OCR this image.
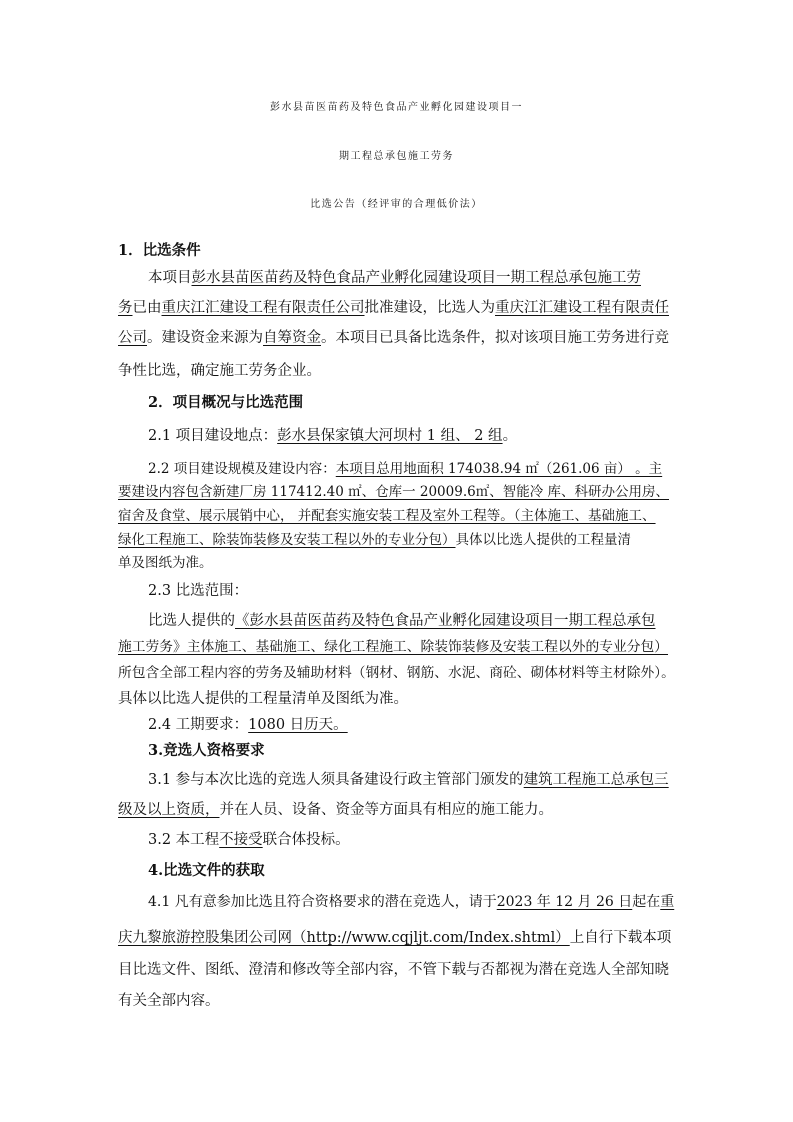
彭水县苗医苗药及特色食品产业孵化园建设项目一
期工程总承包施工劳务
比选公告（经评审的合理低价法）
1．比选条件
本项目彭水县苗医苗药及特色食品产业孵化园建设项目一期工程总承包施工劳
务已由重庆江汇建设工程有限责任公司批准建设，比选人为重庆江汇建设工程有限责任
公司。建设资金来源为自筹资金。本项目已具备比选条件，拟对该项目施工劳务进行竞
争性比选，确定施工劳务企业。
2．项目概况与比选范围
2.1 项目建设地点：彭水县保家镇大河坝村 1 组、 2 组。
2.2 项目建设规模及建设内容：本项目总用地面积 174038.94 ㎡（261.06 亩） 。主
要建设内容包含新建厂房 117412.40 ㎡、仓库一 20009.6㎡、智能冷 库、科研办公用房、
宿舍及食堂、展示展销中心， 并配套实施安装工程及室外工程等。（主体施工、基础施工、
绿化工程施工、除装饰装修及安装工程以外的专业分包）具体以比选人提供的工程量清
单及图纸为准。
2.3 比选范围：
比选人提供的《彭水县苗医苗药及特色食品产业孵化园建设项目一期工程总承包
施工劳务》主体施工、基础施工、绿化工程施工、除装饰装修及安装工程以外的专业分包）
所包含全部工程内容的劳务及辅助材料（钢材、钢筋、水泥、商砼、砌体材料等主材除外）。
具体以比选人提供的工程量清单及图纸为准。
2.4 工期要求：1080 日历天。
3.竞选人资格要求
3.1 参与本次比选的竞选人须具备建设行政主管部门颁发的建筑工程施工总承包三
级及以上资质，并在人员、设备、资金等方面具有相应的施工能力。
3.2 本工程不接受联合体投标。
4.比选文件的获取
4.1 凡有意参加比选且符合资格要求的潜在竞选人，请于2023 年 12 月 26 日起在重
庆九黎旅游控股集团公司网（http://www.cqjljt.com/Index.shtml）上自行下载本项
目比选文件、图纸、澄清和修改等全部内容，不管下载与否都视为潜在竞选人全部知晓
有关全部内容。
